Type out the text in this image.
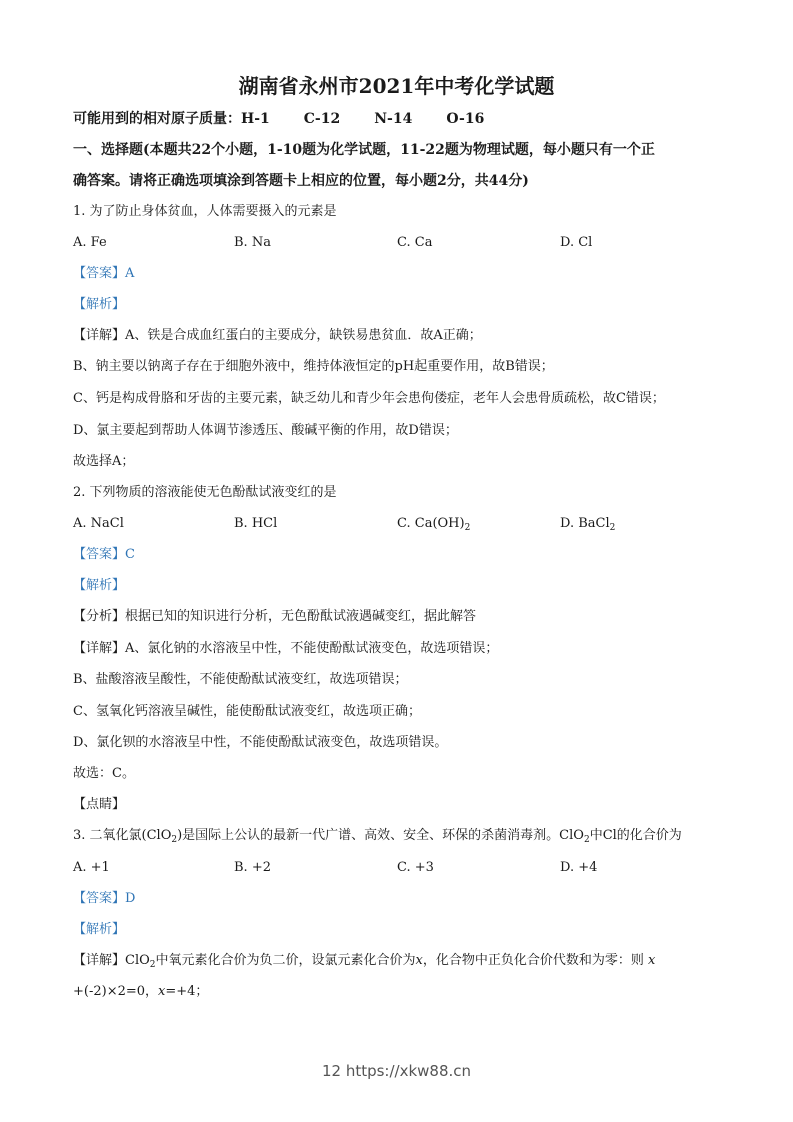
湖南省永州市2021年中考化学试题
可能用到的相对原子质量：H-1 C-12 N-14 O-16
一、选择题(本题共22个小题，1-10题为化学试题，11-22题为物理试题，每小题只有一个正
确答案。请将正确选项填涂到答题卡上相应的位置，每小题2分，共44分)
1. 为了防止身体贫血，人体需要摄入的元素是
A. Fe	B. Na	C. Ca	D. Cl
【答案】A
【解析】
【详解】A、铁是合成血红蛋白的主要成分，缺铁易患贫血．故A正确；
B、钠主要以钠离子存在于细胞外液中，维持体液恒定的pH起重要作用，故B错误；
C、钙是构成骨胳和牙齿的主要元素，缺乏幼儿和青少年会患佝偻症，老年人会患骨质疏松，故C错误；
D、氯主要起到帮助人体调节渗透压、酸碱平衡的作用，故D错误；
故选择A；
2. 下列物质的溶液能使无色酚酞试液变红的是
A. NaCl	B. HCl	C. $Ca(OH)_2$	D. BaCl$_2$
【答案】C
【解析】
【分析】根据已知的知识进行分析，无色酚酞试液遇碱变红，据此解答
【详解】A、氯化钠的水溶液呈中性，不能使酚酞试液变色，故选项错误；
B、盐酸溶液呈酸性，不能使酚酞试液变红，故选项错误；
C、氢氧化钙溶液呈碱性，能使酚酞试液变红，故选项正确；
D、氯化钡的水溶液呈中性，不能使酚酞试液变色，故选项错误。
故选：C。
【点睛】
3. 二氧化氯(ClO$_2$)是国际上公认的最新一代广谱、高效、安全、环保的杀菌消毒剂。ClO$_2$中Cl的化合价为
A. +1	B. +2	C. +3	D. +4
【答案】D
【解析】
【详解】ClO$_2$中氧元素化合价为负二价，设氯元素化合价为x，化合物中正负化合价代数和为零：则 x
+(-2)×2=0，x=+4；
12 https://xkw88.cn
